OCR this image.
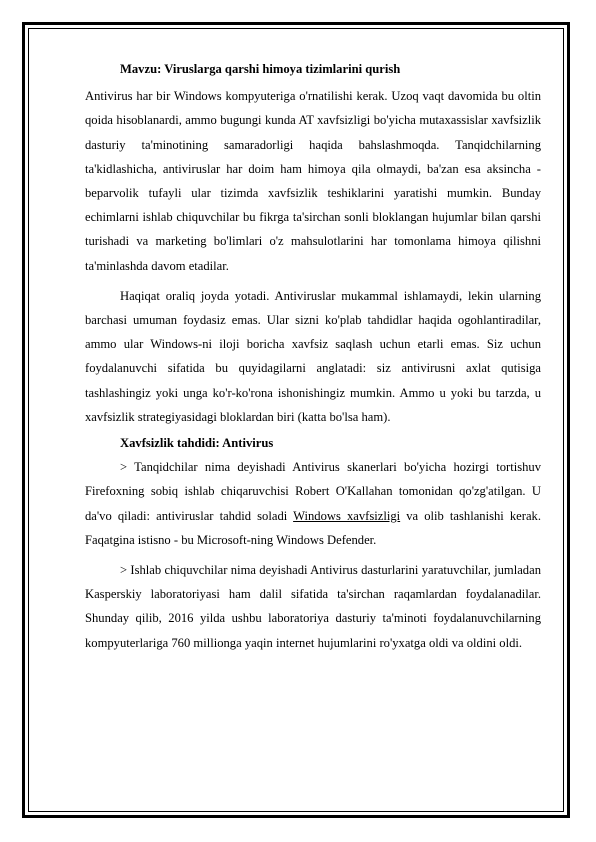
Mavzu: Viruslarga qarshi himoya tizimlarini qurish

Antivirus har bir Windows kompyuteriga o'rnatilishi kerak. Uzoq vaqt davomida bu oltin qoida hisoblanardi, ammo bugungi kunda AT xavfsizligi bo'yicha mutaxassislar xavfsizlik dasturiy ta'minotining samaradorligi haqida bahslashmoqda. Tanqidchilarning ta'kidlashicha, antiviruslar har doim ham himoya qila olmaydi, ba'zan esa aksincha - beparvolik tufayli ular tizimda xavfsizlik teshiklarini yaratishi mumkin. Bunday echimlarni ishlab chiquvchilar bu fikrga ta'sirchan sonli bloklangan hujumlar bilan qarshi turishadi va marketing bo'limlari o'z mahsulotlarini har tomonlama himoya qilishni ta'minlashda davom etadilar.

Haqiqat oraliq joyda yotadi. Antiviruslar mukammal ishlamaydi, lekin ularning barchasi umuman foydasiz emas. Ular sizni ko'plab tahdidlar haqida ogohlantiradilar, ammo ular Windows-ni iloji boricha xavfsiz saqlash uchun etarli emas. Siz uchun foydalanuvchi sifatida bu quyidagilarni anglatadi: siz antivirusni axlat qutisiga tashlashingiz yoki unga ko'r-ko'rona ishonishingiz mumkin. Ammo u yoki bu tarzda, u xavfsizlik strategiyasidagi bloklardan biri (katta bo'lsa ham).

Xavfsizlik tahdidi: Antivirus

> Tanqidchilar nima deyishadi Antivirus skanerlari bo'yicha hozirgi tortishuv Firefoxning sobiq ishlab chiqaruvchisi Robert O'Kallahan tomonidan qo'zg'atilgan. U da'vo qiladi: antiviruslar tahdid soladi Windows xavfsizligi va olib tashlanishi kerak. Faqatgina istisno - bu Microsoft-ning Windows Defender.

> Ishlab chiquvchilar nima deyishadi Antivirus dasturlarini yaratuvchilar, jumladan Kasperskiy laboratoriyasi ham dalil sifatida ta'sirchan raqamlardan foydalanadilar. Shunday qilib, 2016 yilda ushbu laboratoriya dasturiy ta'minoti foydalanuvchilarning kompyuterlariga 760 millionga yaqin internet hujumlarini ro'yxatga oldi va oldini oldi.
